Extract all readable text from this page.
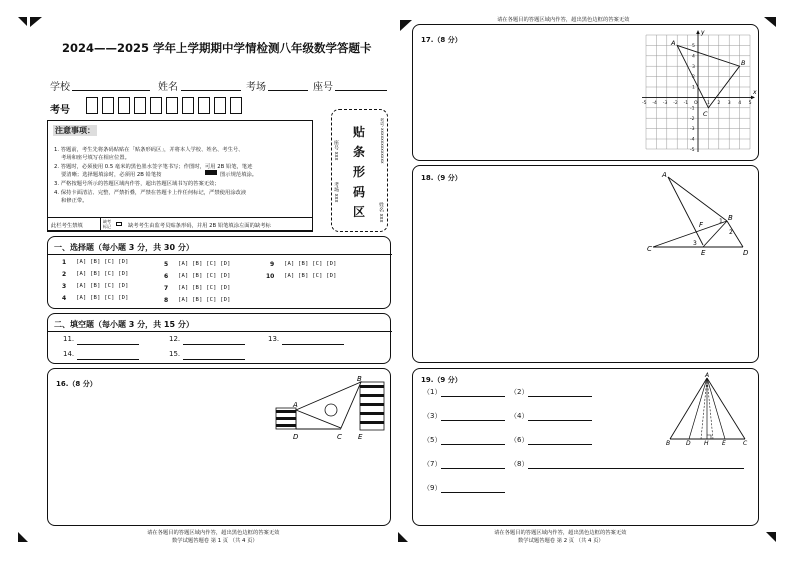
2024——2025 学年上学期期中学情检测八年级数学答题卡
学校	姓名	考场	座号
考号
注意事项：
1. 答题前，考生先将条码贴贴在「贴条形码区」，并将本人学校、姓名、考生号、
考场和座号填写在相应位置。
2. 答题时，必须使用 0.5 毫米的黑色墨水签字笔书写；作图时，可用 2B 铅笔，笔迹
要清晰；选择题填涂时，必须用 2B 铅笔按	图示规范填涂。
3. 严格按题号所示的答题区域内作答，超出答题区域书写的答案无效；
4. 保持卡面清洁、完整，严禁折叠，严禁在答题卡上作任何标记，严禁使用涂改液
和修正带。
此栏考生禁填
缺考标记	缺考考生由监考员贴条形码，并用 2B 铅笔填涂左面的缺考标
贴
条
形
码
区
座号 xxx
考场 xxx
考号 xxxxxxxxxxxxxx
姓名 xxx
一、选择题（每小题 3 分，共 30 分）
1 [A] [B] [C] [D]
2 [A] [B] [C] [D]
3 [A] [B] [C] [D]
4 [A] [B] [C] [D]
5 [A] [B] [C] [D]
6 [A] [B] [C] [D]
7 [A] [B] [C] [D]
8 [A] [B] [C] [D]
9 [A] [B] [C] [D]
10 [A] [B] [C] [D]
二、填空题（每小题 3 分，共 15 分）
11.	12.	13.
14.	15.
16.（8 分）
A
B
C
D	E
请在各题目的答题区域内作答，超出黑色边框的答案无效
数学试题答题卷 第 1 页 （共 4 页）
请在各题目的答题区域内作答，超出黑色边框的答案无效
17.（8 分）
x
y
-5 -4 -3 -2 -1 O 1 2 3 4 5
5
4
3
2
1
-1
-2
-3
-4
-5
A
B
C
18.（9 分）	A
B
C	D
E
F	1
2
3
19.（9 分）
A
B	D H E	C
（1）	（2）
（3）	（4）
（5）	（6）
（7）	（8）
（9）
请在各题目的答题区域内作答，超出黑色边框的答案无效
数学试题答题卷 第 2 页 （共 4 页）
